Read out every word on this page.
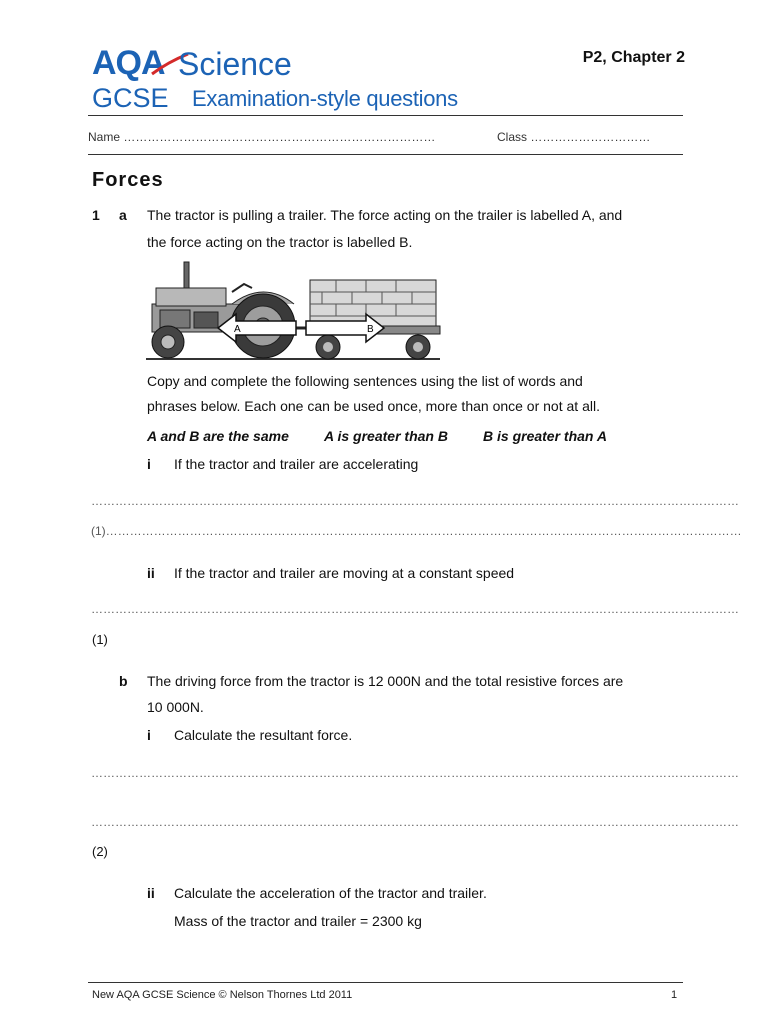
AQA Science
GCSE Examination-style questions
P2, Chapter 2
Name ……………………………………………………………………	Class …………………………
Forces
1 a The tractor is pulling a trailer. The force acting on the trailer is labelled A, and
the force acting on the tractor is labelled B.
A	B
Copy and complete the following sentences using the list of words and
phrases below. Each one can be used once, more than once or not at all.
A and B are the same	A is greater than B	B is greater than A
i If the tractor and trailer are accelerating
………………………………………………………………………………………………………………………………………………
(1)……………………………………………………………………………………………………………………………………………
ii If the tractor and trailer are moving at a constant speed
………………………………………………………………………………………………………………………………………………
(1)
b The driving force from the tractor is 12 000N and the total resistive forces are
10 000N.
i Calculate the resultant force.
………………………………………………………………………………………………………………………………………………
………………………………………………………………………………………………………………………………………………
(2)
ii Calculate the acceleration of the tractor and trailer.
Mass of the tractor and trailer = 2300 kg
New AQA GCSE Science © Nelson Thornes Ltd 2011	1
